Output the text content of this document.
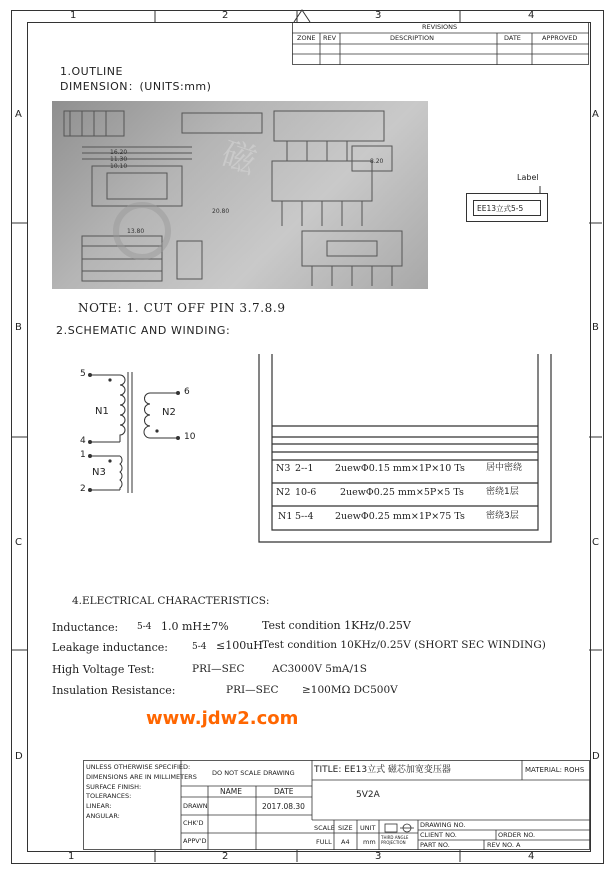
1	2	3	4
1	2	3	4
A
B
C
D
A
B
C
D
REVISIONS
ZONE REV	DESCRIPTION	DATE	APPROVED
1.OUTLINE
DIMENSION：(UNITS:mm)
16.20
11.30
10.10
13.80
20.80
8.20
磁	Label
EE13立式5-5
NOTE: 1. CUT OFF PIN 3.7.8.9
2.SCHEMATIC AND WINDING:
5
4
1
2
6
10
N1	N2
N3	N3 2--1 2uewΦ0.15 mm×1P×10 Ts 居中密绕
N2 10-6 2uewΦ0.25 mm×5P×5 Ts 密绕1层
N1 5--4 2uewΦ0.25 mm×1P×75 Ts 密绕3层
4.ELECTRICAL CHARACTERISTICS:
Inductance: 5-4 1.0 mH±7%	Test condition 1KHz/0.25V
Leakage inductance:	5-4 ≤100uH Test condition 10KHz/0.25V (SHORT SEC WINDING)
High Voltage Test:	PRI—SEC	AC3000V 5mA/1S
Insulation Resistance:	PRI—SEC ≥100MΩ DC500V
www.jdw2.com
UNLESS OTHERWISE SPECIFIED:
DIMENSIONS ARE IN MILLIMETERS
SURFACE FINISH:
TOLERANCES:
LINEAR:
ANGULAR:
DO NOT SCALE DRAWING
NAME	DATE
DRAWN	2017.08.30
CHK'D
APPV'D
TITLE: EE13立式 磁芯加宽变压器	MATERIAL: ROHS
5V2A
SCALE SIZE UNIT
FULL A4 mm
THIRD ANGLE PROJECTION
DRAWING NO.
CLIENT NO.	ORDER NO.
PART NO.	REV NO. A
